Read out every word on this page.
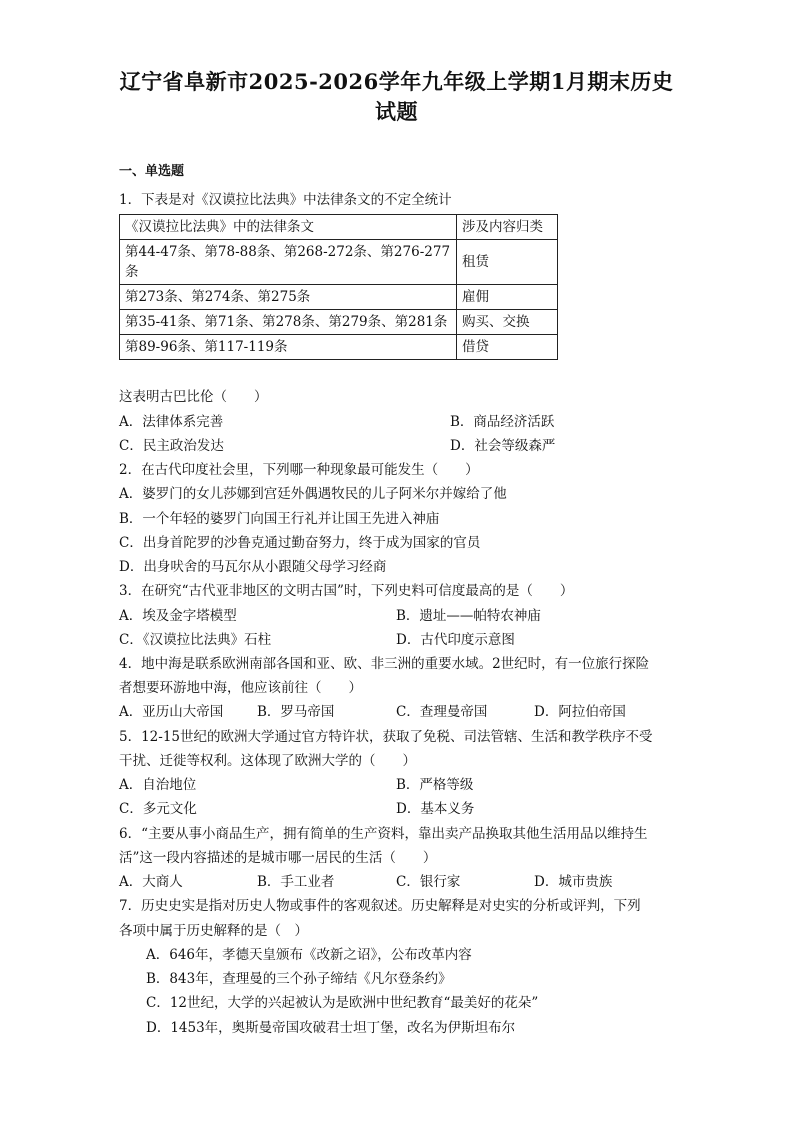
辽宁省阜新市2025-2026学年九年级上学期1月期末历史
试题
一、单选题
1．下表是对《汉谟拉比法典》中法律条文的不定全统计
《汉谟拉比法典》中的法律条文	涉及内容归类
第44-47条、第78-88条、第268-272条、第276-277条	租赁
第273条、第274条、第275条	雇佣
第35-41条、第71条、第278条、第279条、第281条	购买、交换
第89-96条、第117-119条	借贷
这表明古巴比伦（　　）
A．法律体系完善	B．商品经济活跃
C．民主政治发达	D．社会等级森严
2．在古代印度社会里，下列哪一种现象最可能发生（　　）
A．婆罗门的女儿莎娜到宫廷外偶遇牧民的儿子阿米尔并嫁给了他
B．一个年轻的婆罗门向国王行礼并让国王先进入神庙
C．出身首陀罗的沙鲁克通过勤奋努力，终于成为国家的官员
D．出身吠舍的马瓦尔从小跟随父母学习经商
3．在研究“古代亚非地区的文明古国”时，下列史料可信度最高的是（　　）
A．埃及金字塔模型	B．遗址——帕特农神庙
C．《汉谟拉比法典》石柱	D．古代印度示意图
4．地中海是联系欧洲南部各国和亚、欧、非三洲的重要水域。2世纪时，有一位旅行探险
者想要环游地中海，他应该前往（　　）
A．亚历山大帝国	B．罗马帝国	C．查理曼帝国	D．阿拉伯帝国
5．12-15世纪的欧洲大学通过官方特许状，获取了免税、司法管辖、生活和教学秩序不受
干扰、迁徙等权利。这体现了欧洲大学的（　　）
A．自治地位	B．严格等级
C．多元文化	D．基本义务
6．“主要从事小商品生产，拥有简单的生产资料，靠出卖产品换取其他生活用品以维持生
活”这一段内容描述的是城市哪一居民的生活（　　）
A．大商人	B．手工业者	C．银行家	D．城市贵族
7．历史史实是指对历史人物或事件的客观叙述。历史解释是对史实的分析或评判，下列
各项中属于历史解释的是（　）
A．646年，孝德天皇颁布《改新之诏》，公布改革内容
B．843年，查理曼的三个孙子缔结《凡尔登条约》
C．12世纪，大学的兴起被认为是欧洲中世纪教育“最美好的花朵”
D．1453年，奥斯曼帝国攻破君士坦丁堡，改名为伊斯坦布尔
